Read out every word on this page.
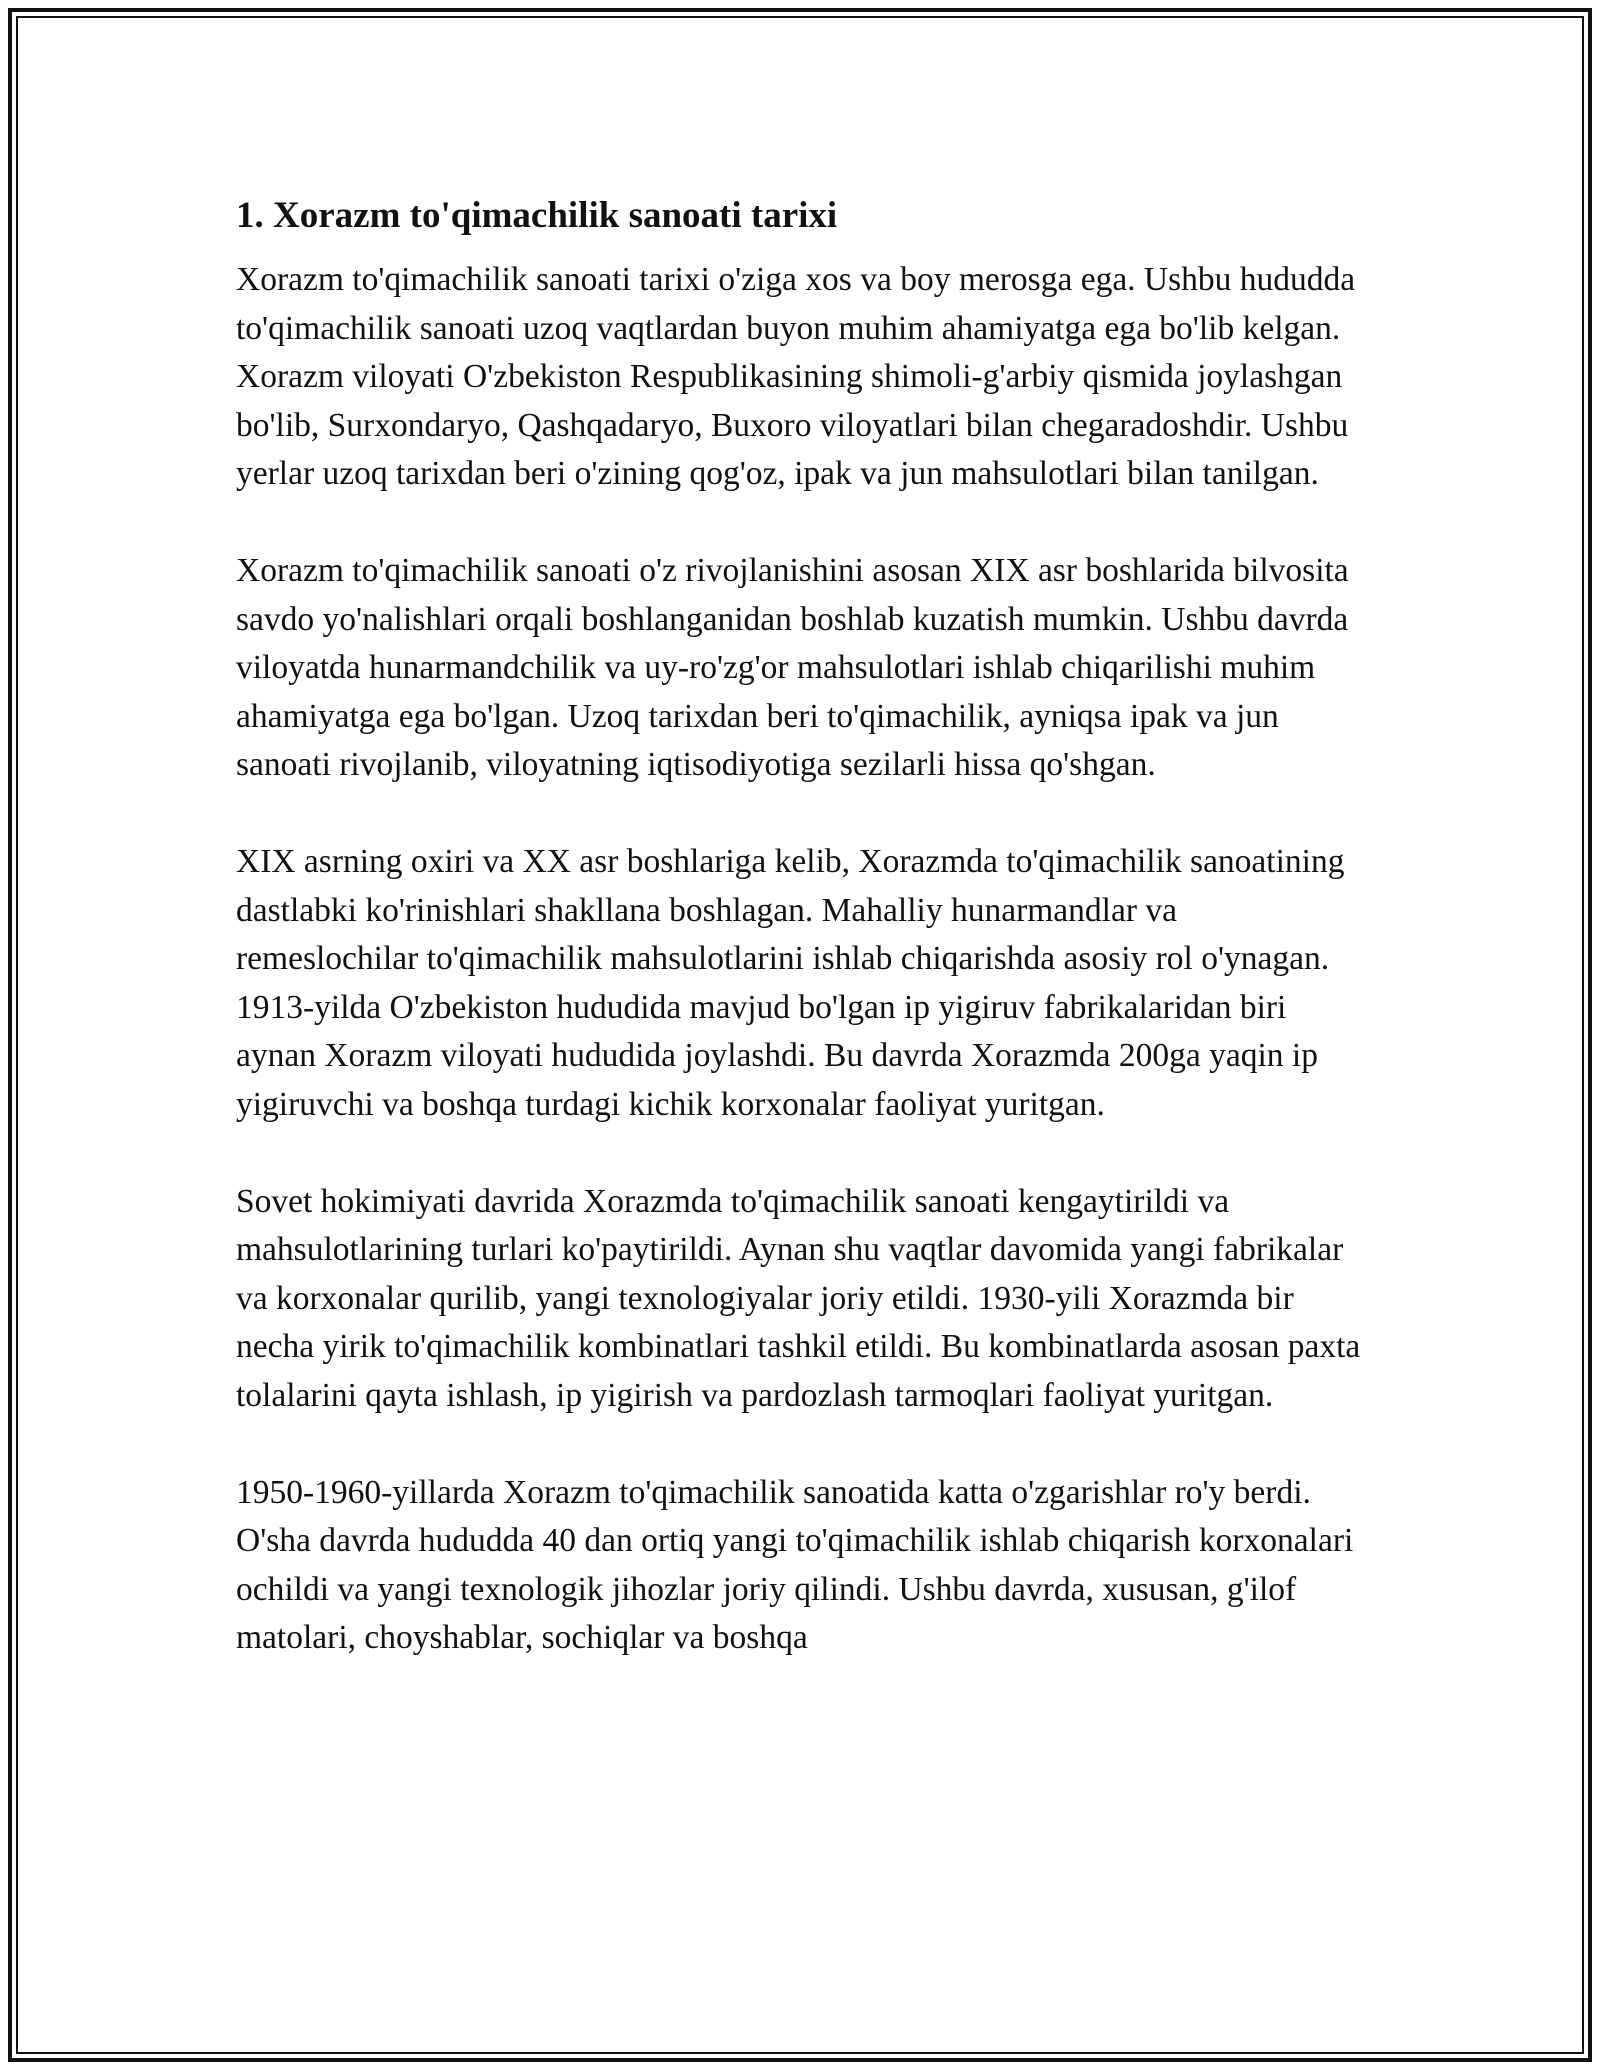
1. Xorazm to'qimachilik sanoati tarixi

Xorazm to'qimachilik sanoati tarixi o'ziga xos va boy merosga ega. Ushbu hududda to'qimachilik sanoati uzoq vaqtlardan buyon muhim ahamiyatga ega bo'lib kelgan. Xorazm viloyati O'zbekiston Respublikasining shimoli-g'arbiy qismida joylashgan bo'lib, Surxondaryo, Qashqadaryo, Buxoro viloyatlari bilan chegaradoshdir. Ushbu yerlar uzoq tarixdan beri o'zining qog'oz, ipak va jun mahsulotlari bilan tanilgan.

Xorazm to'qimachilik sanoati o'z rivojlanishini asosan XIX asr boshlarida bilvosita savdo yo'nalishlari orqali boshlanganidan boshlab kuzatish mumkin. Ushbu davrda viloyatda hunarmandchilik va uy-ro'zg'or mahsulotlari ishlab chiqarilishi muhim ahamiyatga ega bo'lgan. Uzoq tarixdan beri to'qimachilik, ayniqsa ipak va jun sanoati rivojlanib, viloyatning iqtisodiyotiga sezilarli hissa qo'shgan.

XIX asrning oxiri va XX asr boshlariga kelib, Xorazmda to'qimachilik sanoatining dastlabki ko'rinishlari shakllana boshlagan. Mahalliy hunarmandlar va remeslochilar to'qimachilik mahsulotlarini ishlab chiqarishda asosiy rol o'ynagan. 1913-yilda O'zbekiston hududida mavjud bo'lgan ip yigiruv fabrikalaridan biri aynan Xorazm viloyati hududida joylashdi. Bu davrda Xorazmda 200ga yaqin ip yigiruvchi va boshqa turdagi kichik korxonalar faoliyat yuritgan.

Sovet hokimiyati davrida Xorazmda to'qimachilik sanoati kengaytirildi va mahsulotlarining turlari ko'paytirildi. Aynan shu vaqtlar davomida yangi fabrikalar va korxonalar qurilib, yangi texnologiyalar joriy etildi. 1930-yili Xorazmda bir necha yirik to'qimachilik kombinatlari tashkil etildi. Bu kombinatlarda asosan paxta tolalarini qayta ishlash, ip yigirish va pardozlash tarmoqlari faoliyat yuritgan.

1950-1960-yillarda Xorazm to'qimachilik sanoatida katta o'zgarishlar ro'y berdi. O'sha davrda hududda 40 dan ortiq yangi to'qimachilik ishlab chiqarish korxonalari ochildi va yangi texnologik jihozlar joriy qilindi. Ushbu davrda, xususan, g'ilof matolari, choyshablar, sochiqlar va boshqa
